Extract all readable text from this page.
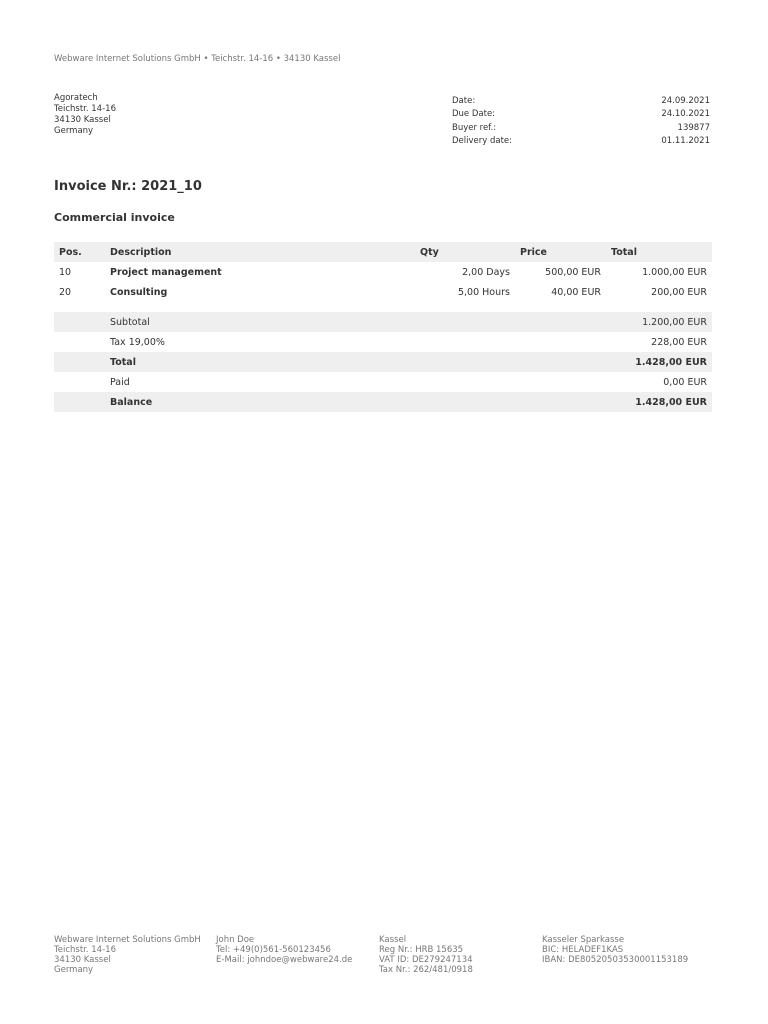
Webware Internet Solutions GmbH • Teichstr. 14-16 • 34130 Kassel
Agoratech
Teichstr. 14-16
34130 Kassel
Germany
Date:	24.09.2021
Due Date:	24.10.2021
Buyer ref.:	139877
Delivery date:	01.11.2021
Invoice Nr.: 2021_10
Commercial invoice
Pos.	Description	Qty	Price	Total
10	Project management	2,00 Days	500,00 EUR	1.000,00 EUR
20	Consulting	5,00 Hours	40,00 EUR	200,00 EUR

	Subtotal			1.200,00 EUR
	Tax 19,00%			228,00 EUR
	Total			1.428,00 EUR
	Paid			0,00 EUR
	Balance			1.428,00 EUR
Webware Internet Solutions GmbH
Teichstr. 14-16
34130 Kassel
Germany
John Doe
Tel: +49(0)561-560123456
E-Mail: johndoe@webware24.de
Kassel
Reg Nr.: HRB 15635
VAT ID: DE279247134
Tax Nr.: 262/481/0918
Kasseler Sparkasse
BIC: HELADEF1KAS
IBAN: DE80520503530001153189
